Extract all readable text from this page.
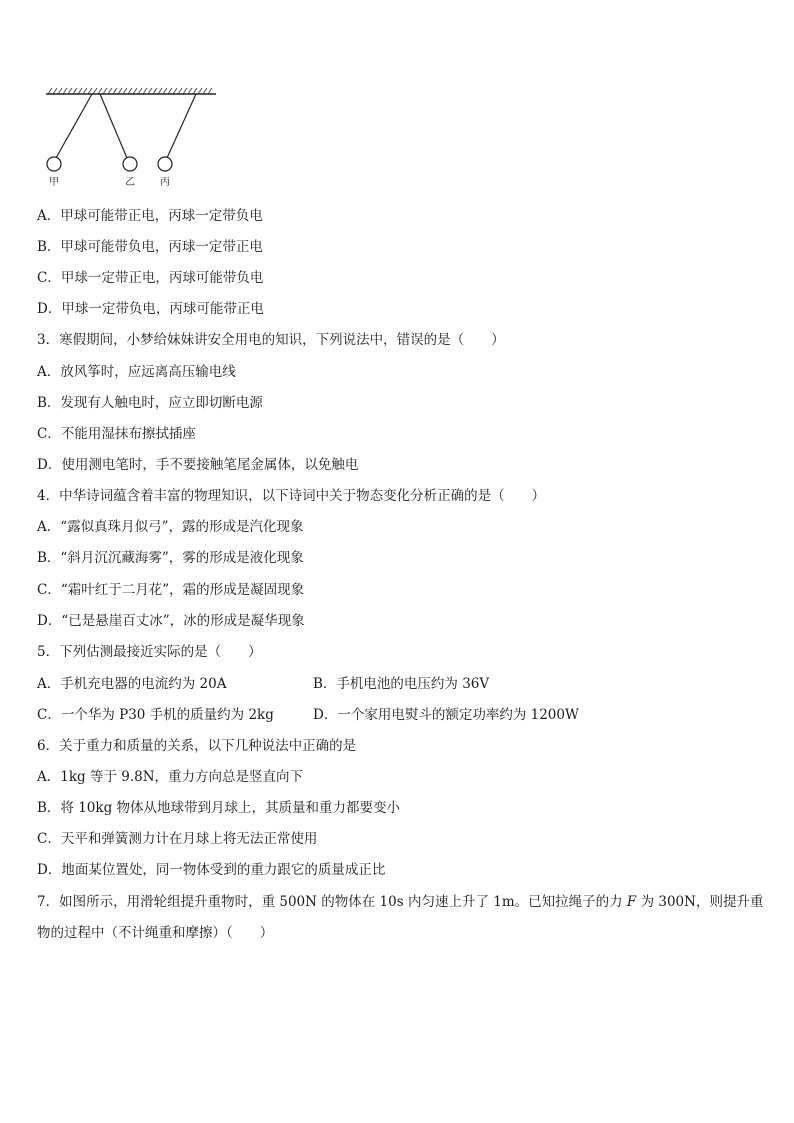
甲	乙	丙
A．甲球可能带正电，丙球一定带负电
B．甲球可能带负电，丙球一定带正电
C．甲球一定带正电，丙球可能带负电
D．甲球一定带负电，丙球可能带正电
3．寒假期间，小梦给妹妹讲安全用电的知识，下列说法中，错误的是（　　）
A．放风筝时，应远离高压输电线
B．发现有人触电时，应立即切断电源
C．不能用湿抹布擦拭插座
D．使用测电笔时，手不要接触笔尾金属体，以免触电
4．中华诗词蕴含着丰富的物理知识，以下诗词中关于物态变化分析正确的是（　　）
A．“露似真珠月似弓”，露的形成是汽化现象
B．“斜月沉沉藏海雾”，雾的形成是液化现象
C．“霜叶红于二月花”，霜的形成是凝固现象
D．“已是悬崖百丈冰”，冰的形成是凝华现象
5．下列估测最接近实际的是（　　）
A．手机充电器的电流约为 20A	B．手机电池的电压约为 36V
C．一个华为 P30 手机的质量约为 2kg	D．一个家用电熨斗的额定功率约为 1200W
6．关于重力和质量的关系，以下几种说法中正确的是
A．1kg 等于 9.8N，重力方向总是竖直向下
B．将 10kg 物体从地球带到月球上，其质量和重力都要变小
C．天平和弹簧测力计在月球上将无法正常使用
D．地面某位置处，同一物体受到的重力跟它的质量成正比
7．如图所示，用滑轮组提升重物时，重 500N 的物体在 10s 内匀速上升了 1m。已知拉绳子的力 F 为 300N，则提升重
物的过程中（不计绳重和摩擦）（　　）
